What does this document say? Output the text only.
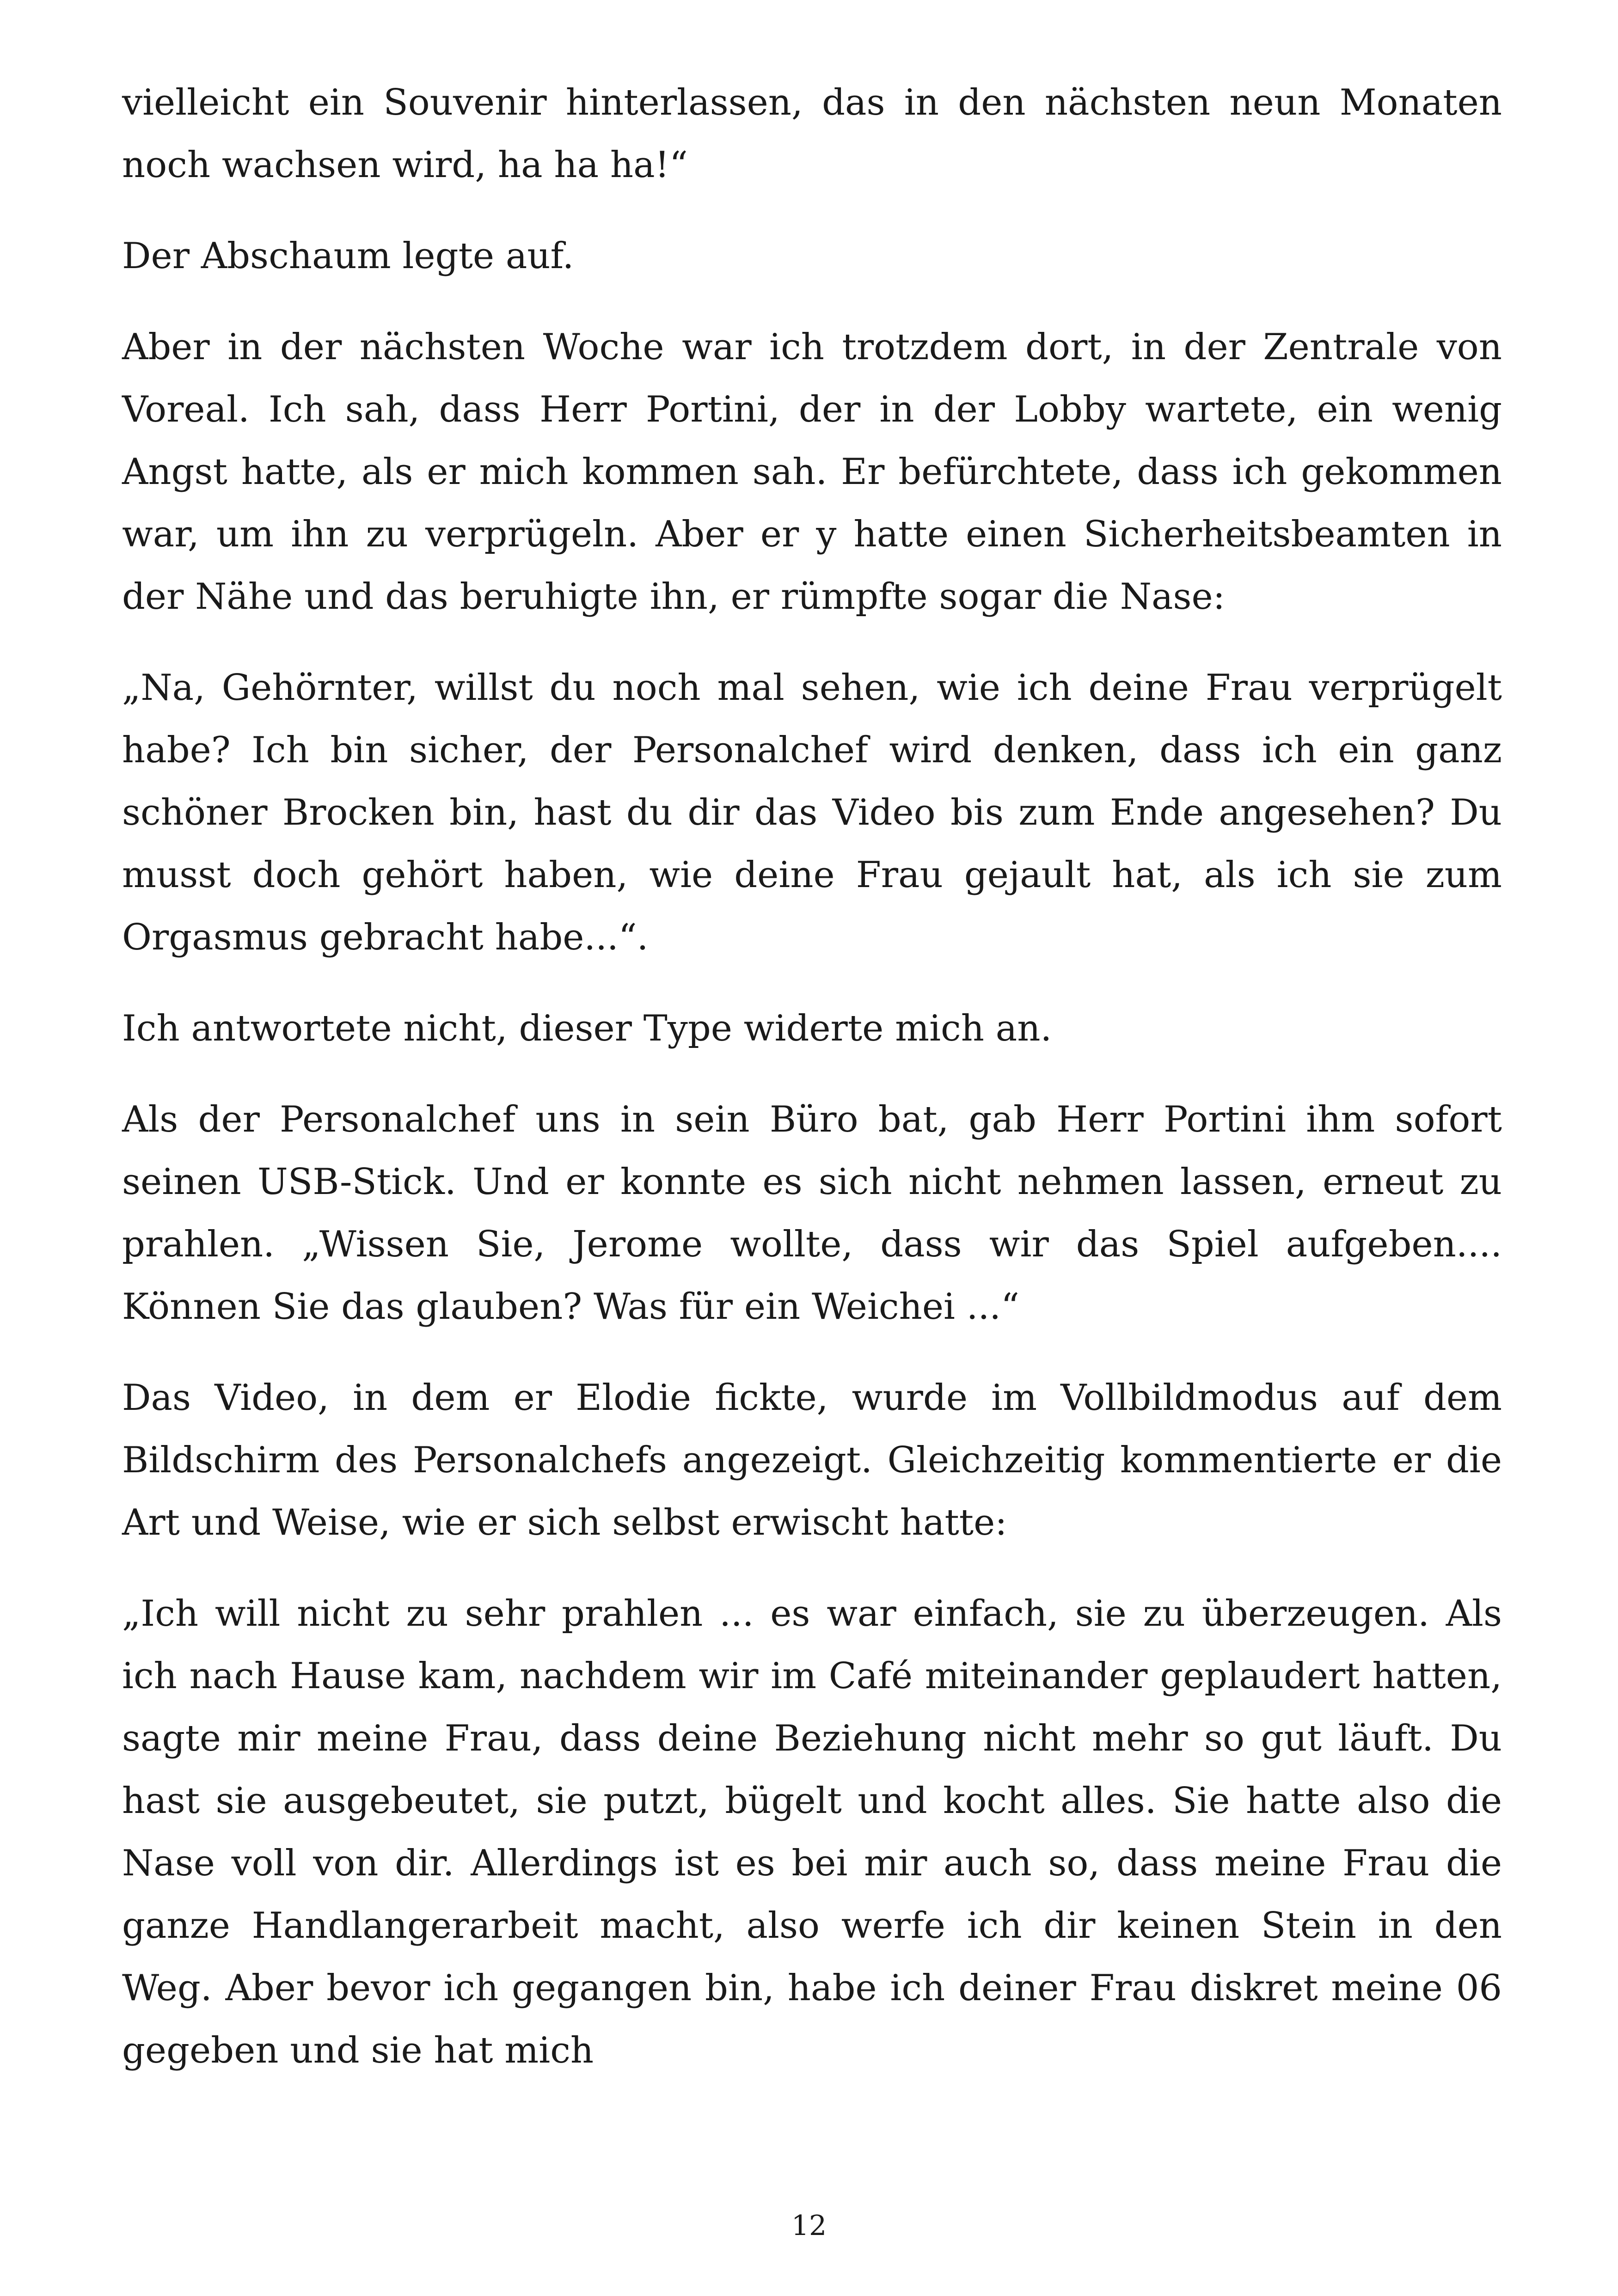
vielleicht ein Souvenir hinterlassen, das in den nächsten neun Monaten noch wachsen wird, ha ha ha!“

Der Abschaum legte auf.

Aber in der nächsten Woche war ich trotzdem dort, in der Zentrale von Voreal. Ich sah, dass Herr Portini, der in der Lobby wartete, ein wenig Angst hatte, als er mich kommen sah. Er befürchtete, dass ich gekommen war, um ihn zu verprügeln. Aber er y hatte einen Sicherheitsbeamten in der Nähe und das beruhigte ihn, er rümpfte sogar die Nase:

„Na, Gehörnter, willst du noch mal sehen, wie ich deine Frau verprügelt habe? Ich bin sicher, der Personalchef wird denken, dass ich ein ganz schöner Brocken bin, hast du dir das Video bis zum Ende angesehen? Du musst doch gehört haben, wie deine Frau gejault hat, als ich sie zum Orgasmus gebracht habe...“.

Ich antwortete nicht, dieser Type widerte mich an.

Als der Personalchef uns in sein Büro bat, gab Herr Portini ihm sofort seinen USB-Stick. Und er konnte es sich nicht nehmen lassen, erneut zu prahlen. „Wissen Sie, Jerome wollte, dass wir das Spiel aufgeben.... Können Sie das glauben? Was für ein Weichei ...“

Das Video, in dem er Elodie fickte, wurde im Vollbildmodus auf dem Bildschirm des Personalchefs angezeigt. Gleichzeitig kommentierte er die Art und Weise, wie er sich selbst erwischt hatte:

„Ich will nicht zu sehr prahlen ... es war einfach, sie zu überzeugen. Als ich nach Hause kam, nachdem wir im Café miteinander geplaudert hatten, sagte mir meine Frau, dass deine Beziehung nicht mehr so gut läuft. Du hast sie ausgebeutet, sie putzt, bügelt und kocht alles. Sie hatte also die Nase voll von dir. Allerdings ist es bei mir auch so, dass meine Frau die ganze Handlangerarbeit macht, also werfe ich dir keinen Stein in den Weg. Aber bevor ich gegangen bin, habe ich deiner Frau diskret meine 06 gegeben und sie hat mich

12
